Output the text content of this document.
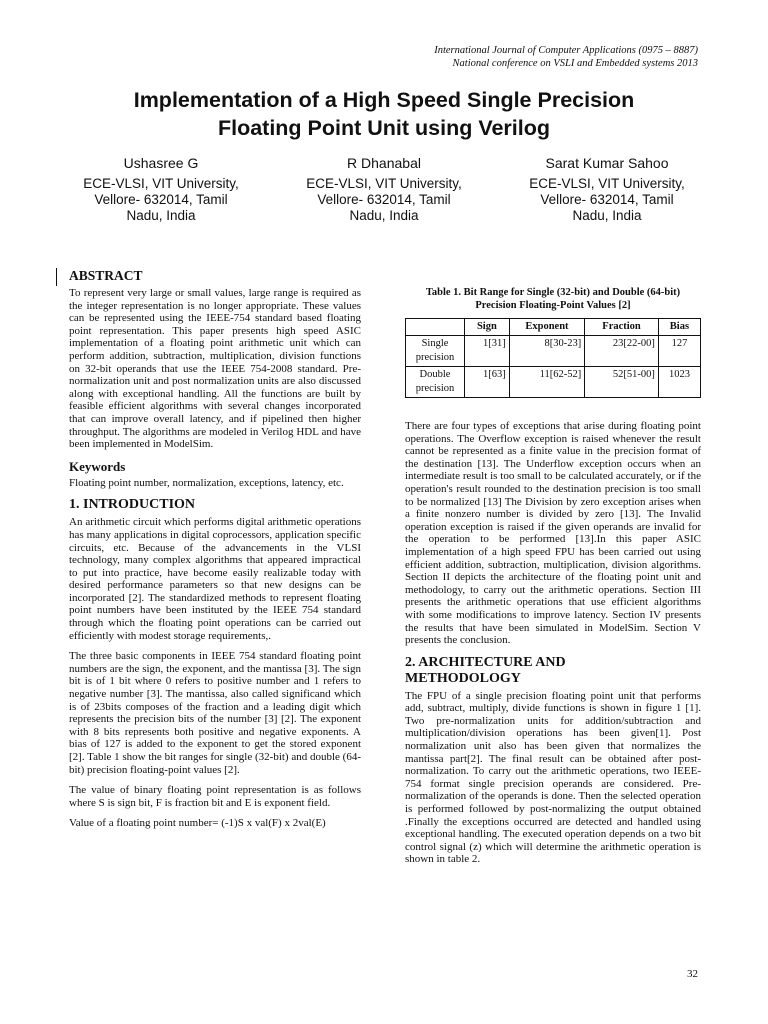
International Journal of Computer Applications (0975 – 8887)
National conference on VSLI and Embedded systems 2013
Implementation of a High Speed Single Precision
Floating Point Unit using Verilog
Ushasree G
ECE-VLSI, VIT University,
Vellore- 632014, Tamil
Nadu, India
R Dhanabal
ECE-VLSI, VIT University,
Vellore- 632014, Tamil
Nadu, India
Sarat Kumar Sahoo
ECE-VLSI, VIT University,
Vellore- 632014, Tamil
Nadu, India
ABSTRACT

To represent very large or small values, large range is required as the integer representation is no longer appropriate. These values can be represented using the IEEE-754 standard based floating point representation. This paper presents high speed ASIC implementation of a floating point arithmetic unit which can perform addition, subtraction, multiplication, division functions on 32-bit operands that use the IEEE 754-2008 standard. Pre-normalization unit and post normalization units are also discussed along with exceptional handling. All the functions are built by feasible efficient algorithms with several changes incorporated that can improve overall latency, and if pipelined then higher throughput. The algorithms are modeled in Verilog HDL and have been implemented in ModelSim.

Keywords

Floating point number, normalization, exceptions, latency, etc.

1. INTRODUCTION

An arithmetic circuit which performs digital arithmetic operations has many applications in digital coprocessors, application specific circuits, etc. Because of the advancements in the VLSI technology, many complex algorithms that appeared impractical to put into practice, have become easily realizable today with desired performance parameters so that new designs can be incorporated [2]. The standardized methods to represent floating point numbers have been instituted by the IEEE 754 standard through which the floating point operations can be carried out efficiently with modest storage requirements,.

The three basic components in IEEE 754 standard floating point numbers are the sign, the exponent, and the mantissa [3]. The sign bit is of 1 bit where 0 refers to positive number and 1 refers to negative number [3]. The mantissa, also called significand which is of 23bits composes of the fraction and a leading digit which represents the precision bits of the number [3] [2]. The exponent with 8 bits represents both positive and negative exponents. A bias of 127 is added to the exponent to get the stored exponent [2]. Table 1 show the bit ranges for single (32-bit) and double (64-bit) precision floating-point values [2].

The value of binary floating point representation is as follows where S is sign bit, F is fraction bit and E is exponent field.

Value of a floating point number= (-1)S x val(F) x 2val(E)
Table 1. Bit Range for Single (32-bit) and Double (64-bit) Precision Floating-Point Values [2]
	Sign	Exponent	Fraction	Bias
Single precision	1[31]	8[30-23]	23[22-00]	127
Double precision	1[63]	11[62-52]	52[51-00]	1023

There are four types of exceptions that arise during floating point operations. The Overflow exception is raised whenever the result cannot be represented as a finite value in the precision format of the destination [13]. The Underflow exception occurs when an intermediate result is too small to be calculated accurately, or if the operation's result rounded to the destination precision is too small to be normalized [13] The Division by zero exception arises when a finite nonzero number is divided by zero [13]. The Invalid operation exception is raised if the given operands are invalid for the operation to be performed [13].In this paper ASIC implementation of a high speed FPU has been carried out using efficient addition, subtraction, multiplication, division algorithms. Section II depicts the architecture of the floating point unit and methodology, to carry out the arithmetic operations. Section III presents the arithmetic operations that use efficient algorithms with some modifications to improve latency. Section IV presents the results that have been simulated in ModelSim. Section V presents the conclusion.

2. ARCHITECTURE AND
METHODOLOGY

The FPU of a single precision floating point unit that performs add, subtract, multiply, divide functions is shown in figure 1 [1]. Two pre-normalization units for addition/subtraction and multiplication/division operations has been given[1]. Post normalization unit also has been given that normalizes the mantissa part[2]. The final result can be obtained after post-normalization. To carry out the arithmetic operations, two IEEE-754 format single precision operands are considered. Pre-normalization of the operands is done. Then the selected operation is performed followed by post-normalizing the output obtained .Finally the exceptions occurred are detected and handled using exceptional handling. The executed operation depends on a two bit control signal (z) which will determine the arithmetic operation is shown in table 2.

32
